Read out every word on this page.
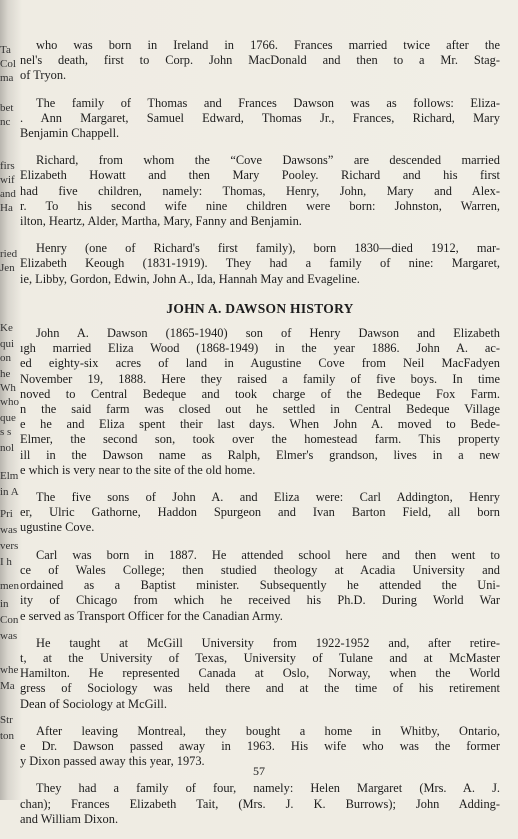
Ta
Col
ma
bet
nc
firs
wif
and
Ha
ried
Jen
Ke
qui
on
he
Wh
who
que
s s
nol
Elm
in A
Pri
was
vers
I h
men
in
Con
was
whe
Ma
Str
ton
who was born in Ireland in 1766. Frances married twice after the
nel's death, first to Corp. John MacDonald and then to a Mr. Stag-
of Tryon.
The family of Thomas and Frances Dawson was as follows: Eliza-
. Ann Margaret, Samuel Edward, Thomas Jr., Frances, Richard, Mary
Benjamin Chappell.
Richard, from whom the “Cove Dawsons” are descended married
Elizabeth Howatt and then Mary Pooley. Richard and his first
had five children, namely: Thomas, Henry, John, Mary and Alex-
r. To his second wife nine children were born: Johnston, Warren,
ilton, Heartz, Alder, Martha, Mary, Fanny and Benjamin.
Henry (one of Richard's first family), born 1830—died 1912, mar-
Elizabeth Keough (1831-1919). They had a family of nine: Margaret,
ie, Libby, Gordon, Edwin, John A., Ida, Hannah May and Evageline.
JOHN A. DAWSON HISTORY
John A. Dawson (1865-1940) son of Henry Dawson and Elizabeth
ıgh married Eliza Wood (1868-1949) in the year 1886. John A. ac-
ed eighty-six acres of land in Augustine Cove from Neil MacFadyen
November 19, 1888. Here they raised a family of five boys. In time
noved to Central Bedeque and took charge of the Bedeque Fox Farm.
n the said farm was closed out he settled in Central Bedeque Village
e he and Eliza spent their last days. When John A. moved to Bede-
Elmer, the second son, took over the homestead farm. This property
ill in the Dawson name as Ralph, Elmer's grandson, lives in a new
e which is very near to the site of the old home.
The five sons of John A. and Eliza were: Carl Addington, Henry
er, Ulric Gathorne, Haddon Spurgeon and Ivan Barton Field, all born
ugustine Cove.
Carl was born in 1887. He attended school here and then went to
ce of Wales College; then studied theology at Acadia University and
ordained as a Baptist minister. Subsequently he attended the Uni-
ity of Chicago from which he received his Ph.D. During World War
e served as Transport Officer for the Canadian Army.
He taught at McGill University from 1922-1952 and, after retire-
t, at the University of Texas, University of Tulane and at McMaster
Hamilton. He represented Canada at Oslo, Norway, when the World
gress of Sociology was held there and at the time of his retirement
Dean of Sociology at McGill.
After leaving Montreal, they bought a home in Whitby, Ontario,
e Dr. Dawson passed away in 1963. His wife who was the former
y Dixon passed away this year, 1973.
They had a family of four, namely: Helen Margaret (Mrs. A. J.
chan); Frances Elizabeth Tait, (Mrs. J. K. Burrows); John Adding-
and William Dixon.
57
